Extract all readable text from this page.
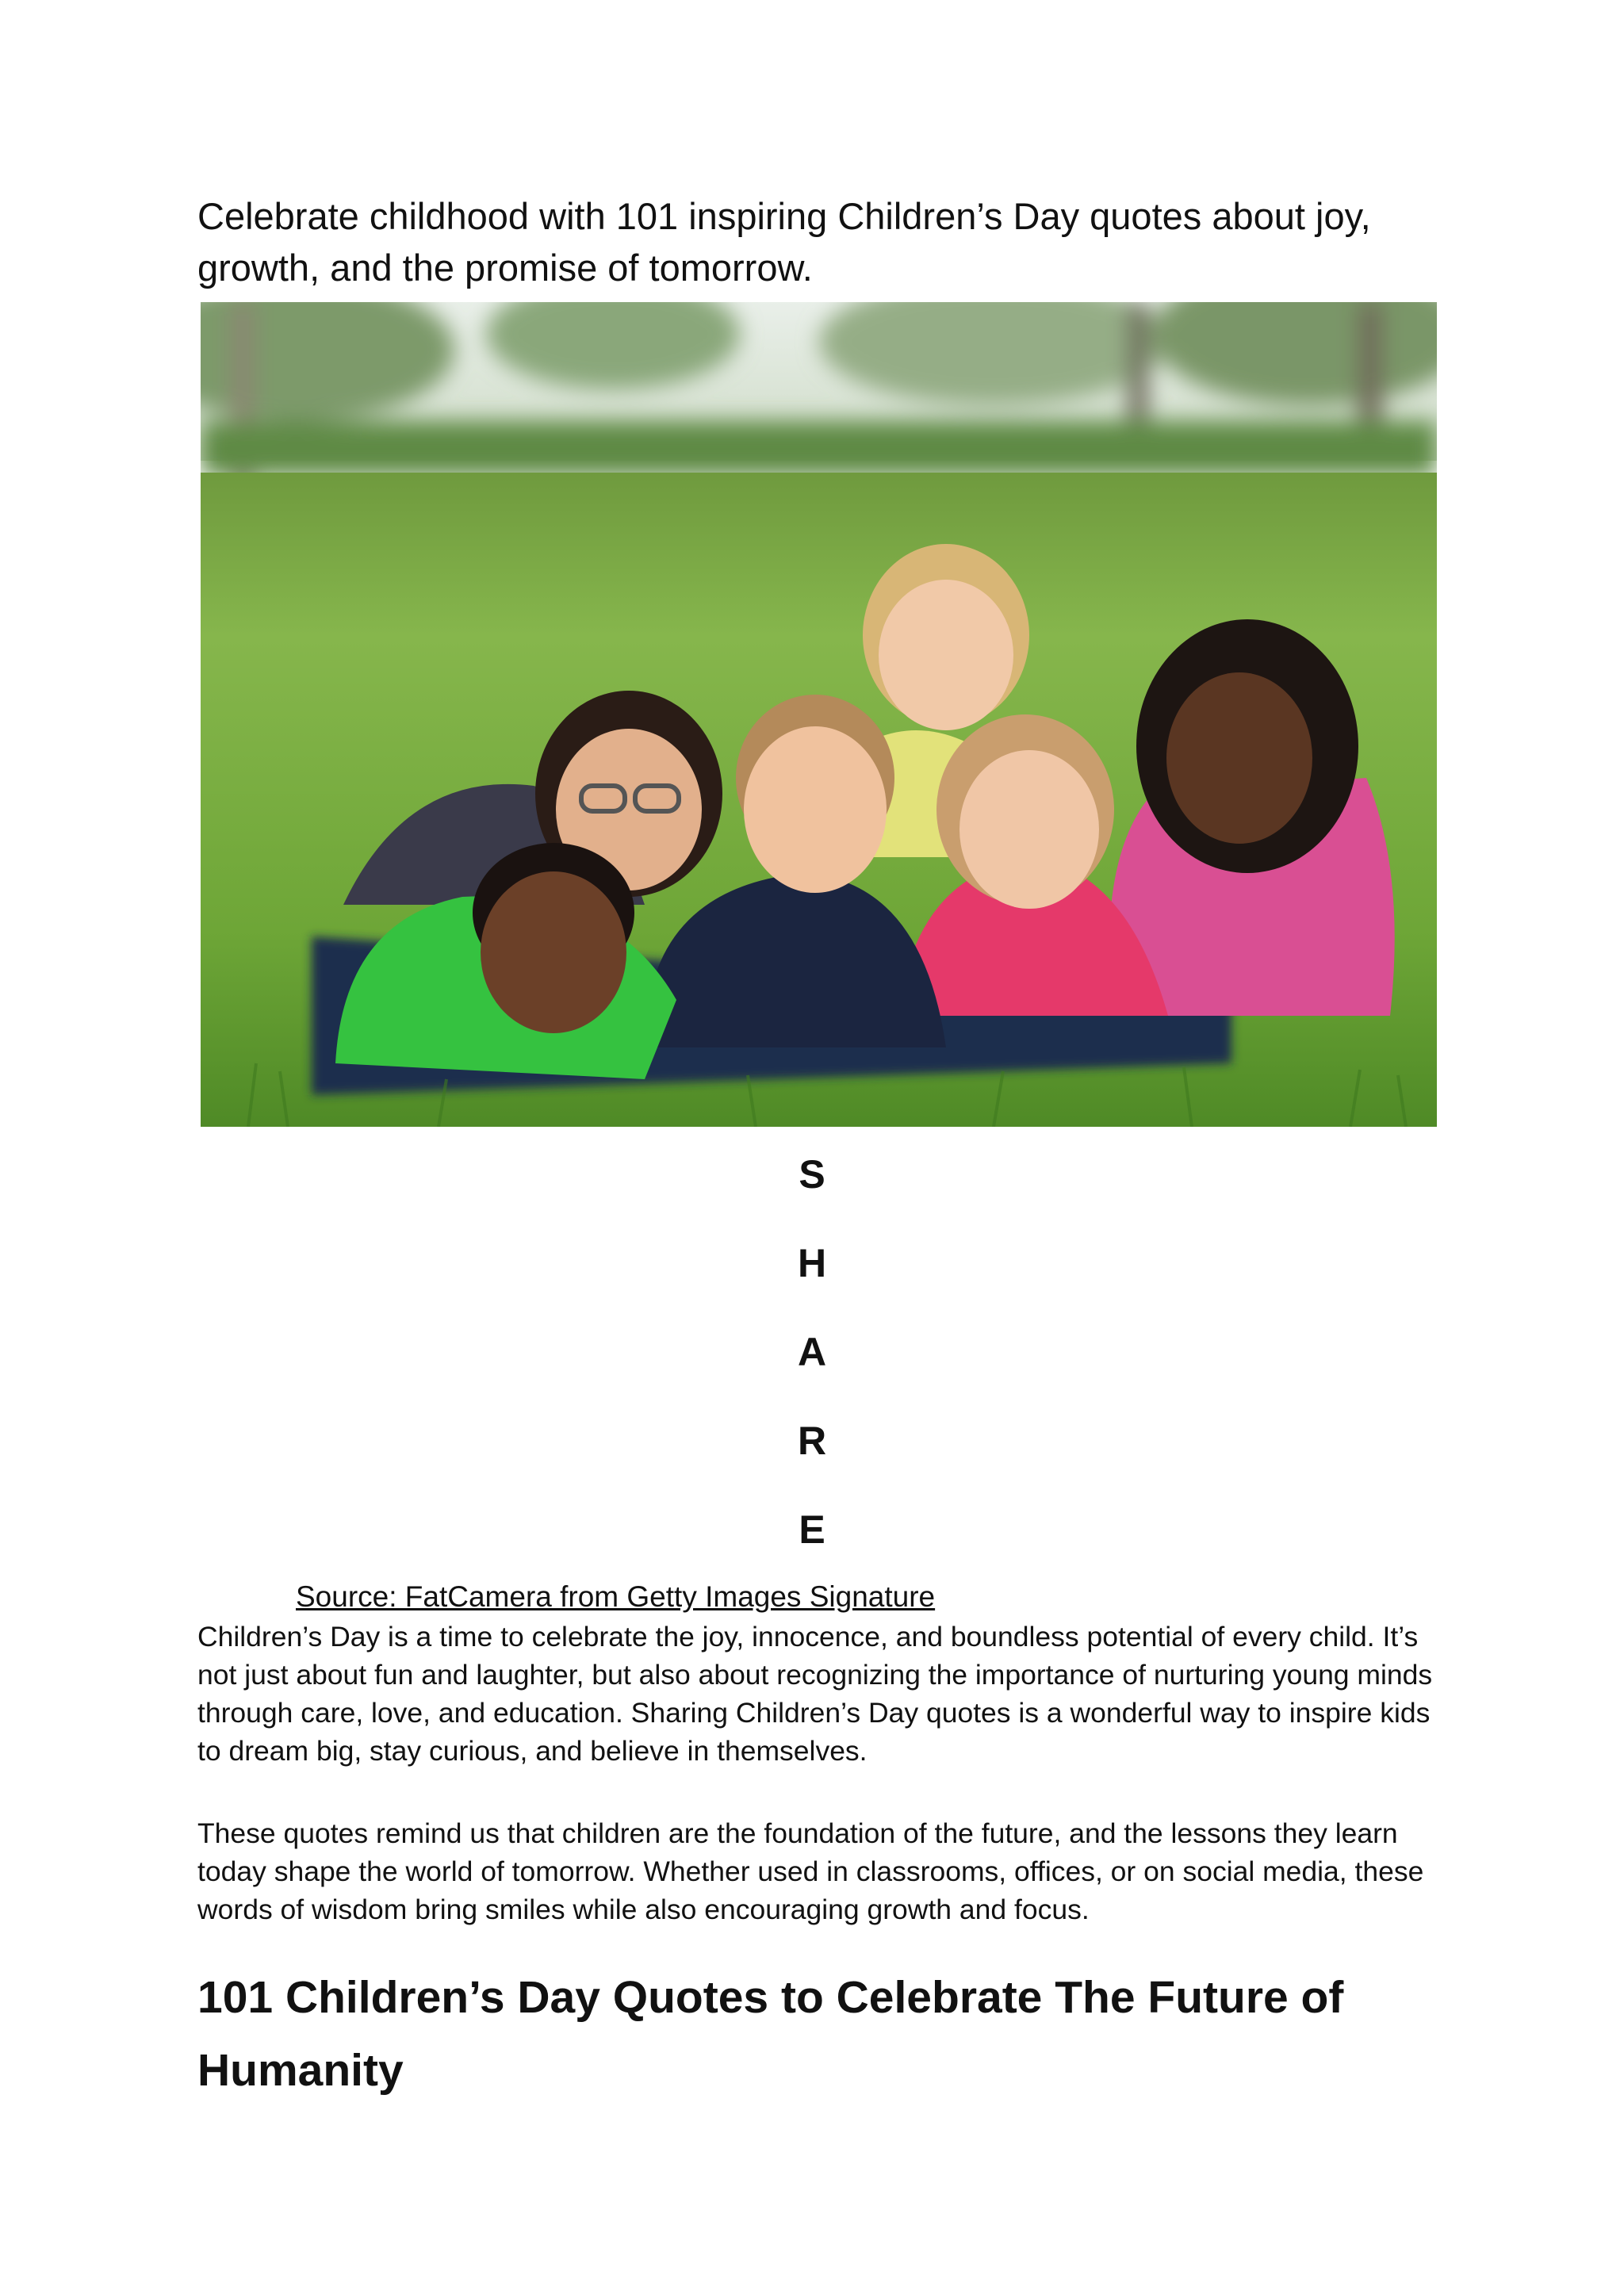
Celebrate childhood with 101 inspiring Children’s Day quotes about joy,
growth, and the promise of tomorrow.
S
H
A
R
E
Source: FatCamera from Getty Images Signature

Children’s Day is a time to celebrate the joy, innocence, and boundless potential of every child. It’s not just about fun and laughter, but also about recognizing the importance of nurturing young minds through care, love, and education. Sharing Children’s Day quotes is a wonderful way to inspire kids to dream big, stay curious, and believe in themselves.

These quotes remind us that children are the foundation of the future, and the lessons they learn today shape the world of tomorrow. Whether used in classrooms, offices, or on social media, these words of wisdom bring smiles while also encouraging growth and focus.

101 Children’s Day Quotes to Celebrate The Future of Humanity
